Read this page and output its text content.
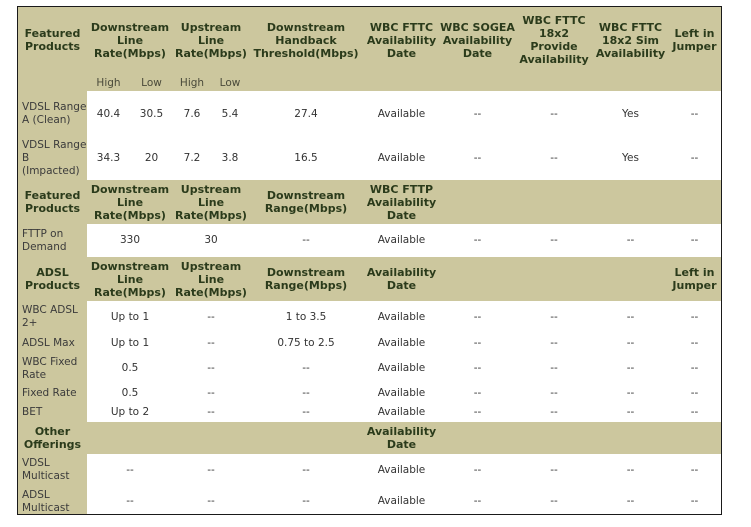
Featured Products	Downstream Line Rate(Mbps)		Upstream Line Rate(Mbps)		Downstream Handback Threshold(Mbps)	WBC FTTC Availability Date	WBC SOGEA Availability Date	WBC FTTC 18x2 Provide Availability	WBC FTTC 18x2 Sim Availability	Left in Jumper
	High	Low	High	Low						
VDSL Range A (Clean)	40.4	30.5	7.6	5.4	27.4	Available	--	--	Yes	--
VDSL Range B (Impacted)	34.3	20	7.2	3.8	16.5	Available	--	--	Yes	--
Featured Products	Downstream Line Rate(Mbps)		Upstream Line Rate(Mbps)		Downstream Range(Mbps)	WBC FTTP Availability Date				
FTTP on Demand	330		30		--	Available	--	--	--	--
ADSL Products	Downstream Line Rate(Mbps)		Upstream Line Rate(Mbps)		Downstream Range(Mbps)	Availability Date				Left in Jumper
WBC ADSL 2+	Up to 1		--		1 to 3.5	Available	--	--	--	--
ADSL Max	Up to 1		--		0.75 to 2.5	Available	--	--	--	--
WBC Fixed Rate	0.5		--		--	Available	--	--	--	--
Fixed Rate	0.5		--		--	Available	--	--	--	--
BET	Up to 2		--		--	Available	--	--	--	--
Other Offerings						Availability Date				
VDSL Multicast	--		--		--	Available	--	--	--	--
ADSL Multicast	--		--		--	Available	--	--	--	--
